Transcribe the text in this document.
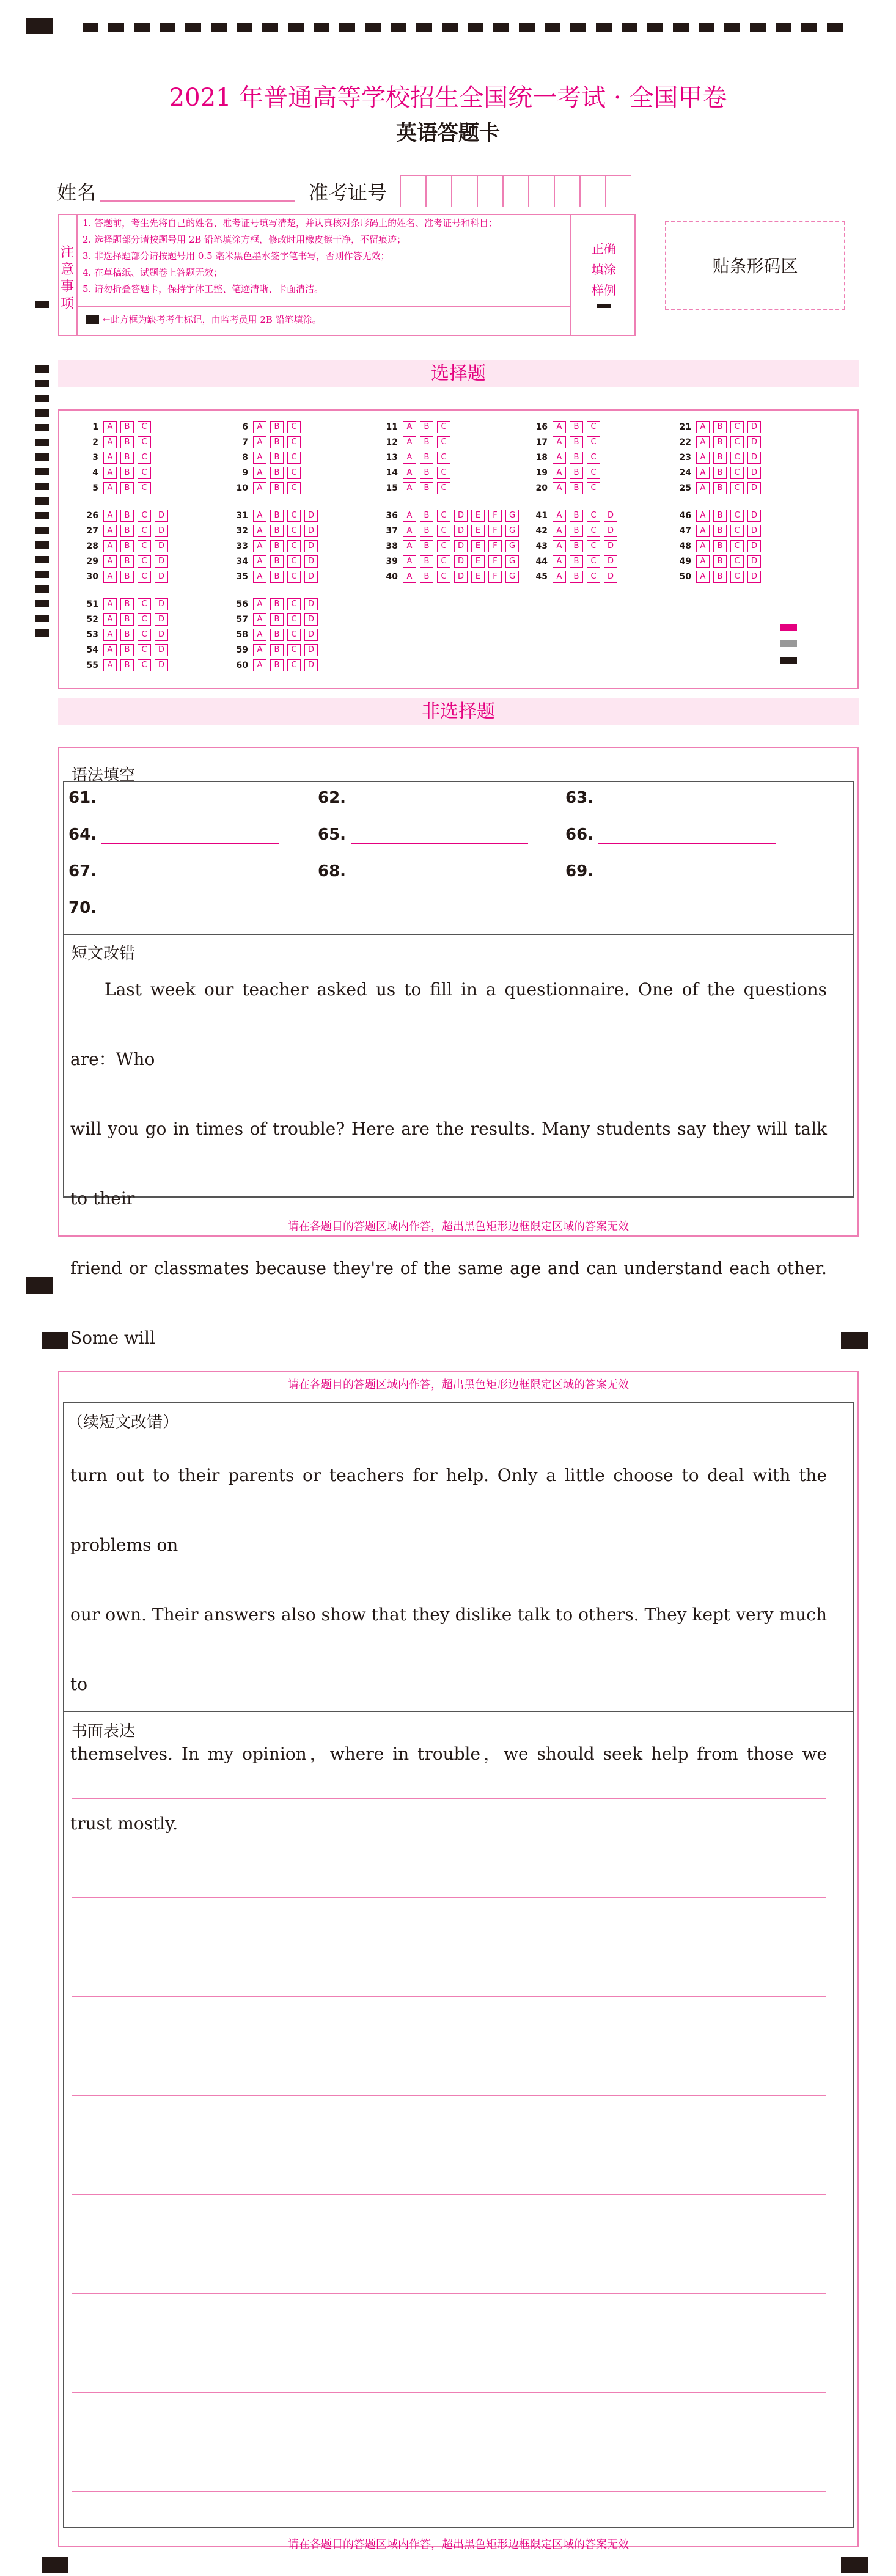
2021 年普通高等学校招生全国统一考试 · 全国甲卷
英语答题卡
姓名	准考证号
注意事项
1. 答题前，考生先将自己的姓名、准考证号填写清楚，并认真核对条形码上的姓名、准考证号和科目；
2. 选择题部分请按题号用 2B 铅笔填涂方框，修改时用橡皮擦干净，不留痕迹；
3. 非选择题部分请按题号用 0.5 毫米黑色墨水签字笔书写，否则作答无效；
4. 在草稿纸、试题卷上答题无效；
5. 请勿折叠答题卡，保持字体工整、笔迹清晰、卡面清洁。
←此方框为缺考考生标记，由监考员用 2B 铅笔填涂。
正确填涂样例
贴条形码区
选择题
1	A	B	C
2	A	B	C
3	A	B	C
4	A	B	C
5	A	B	C
6	A	B	C
7	A	B	C
8	A	B	C
9	A	B	C
10	A	B	C
11	A	B	C
12	A	B	C
13	A	B	C
14	A	B	C
15	A	B	C
16	A	B	C
17	A	B	C
18	A	B	C
19	A	B	C
20	A	B	C
21	A	B	C	D
22	A	B	C	D
23	A	B	C	D
24	A	B	C	D
25	A	B	C	D
26	A	B	C	D
27	A	B	C	D
28	A	B	C	D
29	A	B	C	D
30	A	B	C	D
31	A	B	C	D
32	A	B	C	D
33	A	B	C	D
34	A	B	C	D
35	A	B	C	D
36	A	B	C	D	E	F	G
37	A	B	C	D	E	F	G
38	A	B	C	D	E	F	G
39	A	B	C	D	E	F	G
40	A	B	C	D	E	F	G
41	A	B	C	D
42	A	B	C	D
43	A	B	C	D
44	A	B	C	D
45	A	B	C	D
46	A	B	C	D
47	A	B	C	D
48	A	B	C	D
49	A	B	C	D
50	A	B	C	D
51	A	B	C	D
52	A	B	C	D
53	A	B	C	D
54	A	B	C	D
55	A	B	C	D
56	A	B	C	D
57	A	B	C	D
58	A	B	C	D
59	A	B	C	D
60	A	B	C	D
非选择题
语法填空
61.	62.	63.
64.	65.	66.
67.	68.	69.
70.
短文改错
Last week our teacher asked us to fill in a questionnaire. One of the questions are：Who
will you go in times of trouble? Here are the results. Many students say they will talk to their
friend or classmates because they're of the same age and can understand each other. Some will
请在各题目的答题区域内作答，超出黑色矩形边框限定区域的答案无效
请在各题目的答题区域内作答，超出黑色矩形边框限定区域的答案无效
（续短文改错）
turn out to their parents or teachers for help. Only a little choose to deal with the problems on
our own. Their answers also show that they dislike talk to others. They kept very much to
themselves. In my opinion，where in trouble，we should seek help from those we trust mostly.
书面表达
请在各题目的答题区域内作答，超出黑色矩形边框限定区域的答案无效
